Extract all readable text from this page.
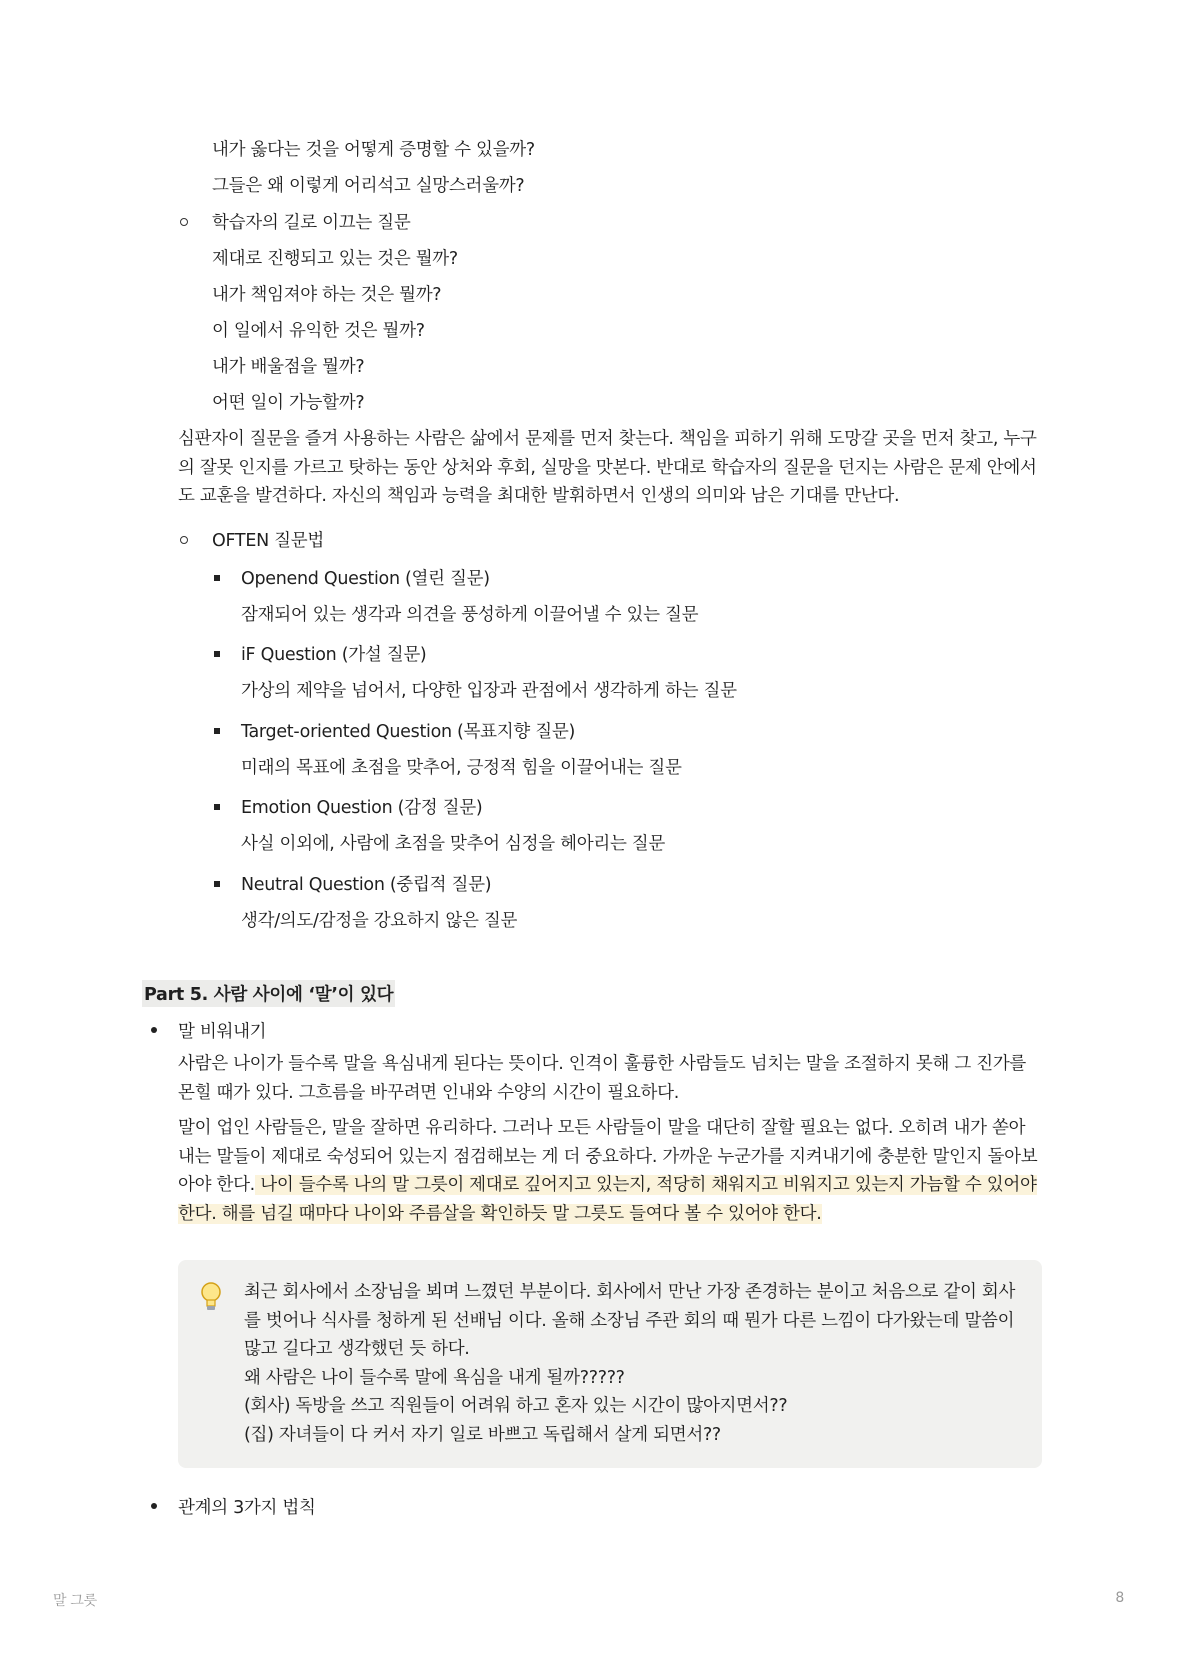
내가 옳다는 것을 어떻게 증명할 수 있을까?
그들은 왜 이렇게 어리석고 실망스러울까?
학습자의 길로 이끄는 질문
제대로 진행되고 있는 것은 뭘까?
내가 책임져야 하는 것은 뭘까?
이 일에서 유익한 것은 뭘까?
내가 배울점을 뭘까?
어떤 일이 가능할까?
심판자이 질문을 즐겨 사용하는 사람은 삶에서 문제를 먼저 찾는다. 책임을 피하기 위해 도망갈 곳을 먼저 찾고, 누구의 잘못 인지를 가르고 탓하는 동안 상처와 후회, 실망을 맛본다. 반대로 학습자의 질문을 던지는 사람은 문제 안에서도 교훈을 발견하다. 자신의 책임과 능력을 최대한 발휘하면서 인생의 의미와 남은 기대를 만난다.
OFTEN 질문법
Openend Question (열린 질문)
잠재되어 있는 생각과 의견을 풍성하게 이끌어낼 수 있는 질문
iF Question (가설 질문)
가상의 제약을 넘어서, 다양한 입장과 관점에서 생각하게 하는 질문
Target-oriented Question (목표지향 질문)
미래의 목표에 초점을 맞추어, 긍정적 힘을 이끌어내는 질문
Emotion Question (감정 질문)
사실 이외에, 사람에 초점을 맞추어 심정을 헤아리는 질문
Neutral Question (중립적 질문)
생각/의도/감정을 강요하지 않은 질문
Part 5. 사람 사이에 ‘말’이 있다
말 비워내기
사람은 나이가 들수록 말을 욕심내게 된다는 뜻이다. 인격이 훌륭한 사람들도 넘치는 말을 조절하지 못해 그 진가를 몬힐 때가 있다. 그흐름을 바꾸려면 인내와 수양의 시간이 필요하다.
말이 업인 사람들은, 말을 잘하면 유리하다. 그러나 모든 사람들이 말을 대단히 잘할 필요는 없다. 오히려 내가 쏟아내는 말들이 제대로 숙성되어 있는지 점검해보는 게 더 중요하다. 가까운 누군가를 지켜내기에 충분한 말인지 돌아보아야 한다. 나이 들수록 나의 말 그릇이 제대로 깊어지고 있는지, 적당히 채워지고 비워지고 있는지 가늠할 수 있어야 한다. 해를 넘길 때마다 나이와 주름살을 확인하듯 말 그릇도 들여다 볼 수 있어야 한다.
최근 회사에서 소장님을 뵈며 느꼈던 부분이다. 회사에서 만난 가장 존경하는 분이고 처음으로 같이 회사를 벗어나 식사를 청하게 된 선배님 이다. 올해 소장님 주관 회의 때 뭔가 다른 느낌이 다가왔는데 말씀이 많고 길다고 생각했던 듯 하다.
왜 사람은 나이 들수록 말에 욕심을 내게 될까?????
(회사) 독방을 쓰고 직원들이 어려워 하고 혼자 있는 시간이 많아지면서??
(집) 자녀들이 다 커서 자기 일로 바쁘고 독립해서 살게 되면서??
관계의 3가지 법칙
말 그릇	8
